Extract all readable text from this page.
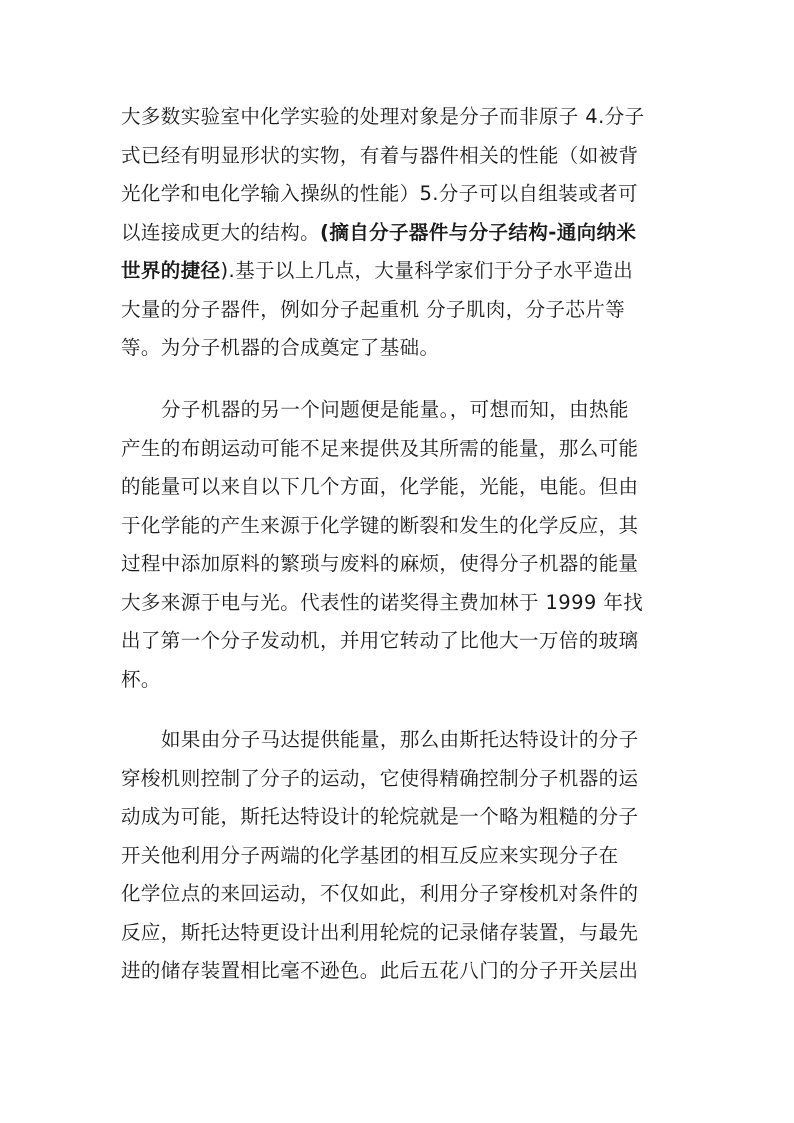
大多数实验室中化学实验的处理对象是分子而非原子 4.分子
式已经有明显形状的实物，有着与器件相关的性能（如被背
光化学和电化学输入操纵的性能）5.分子可以自组装或者可
以连接成更大的结构。(摘自分子器件与分子结构-通向纳米
世界的捷径).基于以上几点，大量科学家们于分子水平造出
大量的分子器件，例如分子起重机 分子肌肉，分子芯片等
等。为分子机器的合成奠定了基础。
分子机器的另一个问题便是能量。，可想而知，由热能
产生的布朗运动可能不足来提供及其所需的能量，那么可能
的能量可以来自以下几个方面，化学能，光能，电能。但由
于化学能的产生来源于化学键的断裂和发生的化学反应，其
过程中添加原料的繁琐与废料的麻烦，使得分子机器的能量
大多来源于电与光。代表性的诺奖得主费加林于 1999 年找
出了第一个分子发动机，并用它转动了比他大一万倍的玻璃
杯。
如果由分子马达提供能量，那么由斯托达特设计的分子
穿梭机则控制了分子的运动，它使得精确控制分子机器的运
动成为可能，斯托达特设计的轮烷就是一个略为粗糙的分子
开关他利用分子两端的化学基团的相互反应来实现分子在
化学位点的来回运动，不仅如此，利用分子穿梭机对条件的
反应，斯托达特更设计出利用轮烷的记录储存装置，与最先
进的储存装置相比毫不逊色。此后五花八门的分子开关层出
